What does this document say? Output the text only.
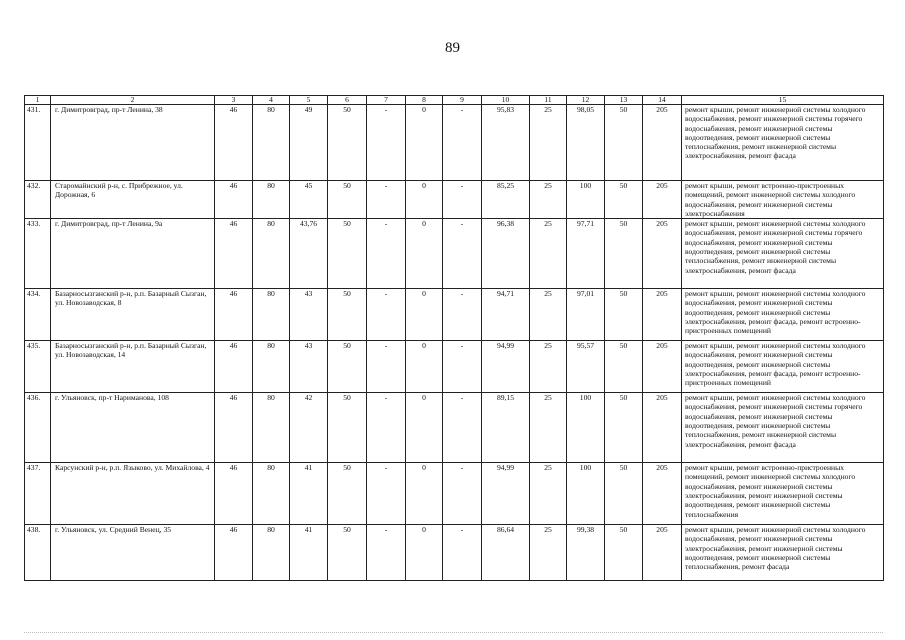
89
1	2	3	4	5	6	7	8	9	10	11	12	13	14	15
431.	г. Димитровград, пр-т Ленина, 38	46	80	49	50	-	0	-	95,83	25	98,05	50	205	ремонт крыши, ремонт инженерной системы холодного водоснабжения, ремонт инженерной системы горячего водоснабжения, ремонт инженерной системы водоотведения, ремонт инженерной системы теплоснабжения, ремонт инженерной системы электроснабжения, ремонт фасада
432.	Старомайнский р-н, с. Прибрежное, ул. Дорожная, 6	46	80	45	50	-	0	-	85,25	25	100	50	205	ремонт крыши, ремонт встроенно-пристроенных помещений, ремонт инженерной системы холодного водоснабжения, ремонт инженерной системы электроснабжения
433.	г. Димитровград, пр-т Ленина, 9а	46	80	43,76	50	-	0	-	96,38	25	97,71	50	205	ремонт крыши, ремонт инженерной системы холодного водоснабжения, ремонт инженерной системы горячего водоснабжения, ремонт инженерной системы водоотведения, ремонт инженерной системы теплоснабжения, ремонт инженерной системы электроснабжения, ремонт фасада
434.	Базарносызганский р-н, р.п. Базарный Сызган, ул. Новозаводская, 8	46	80	43	50	-	0	-	94,71	25	97,01	50	205	ремонт крыши, ремонт инженерной системы холодного водоснабжения, ремонт инженерной системы водоотведения, ремонт инженерной системы электроснабжения, ремонт фасада, ремонт встроенно-пристроенных помещений
435.	Базарносызганский р-н, р.п. Базарный Сызган, ул. Новозаводская, 14	46	80	43	50	-	0	-	94,99	25	95,57	50	205	ремонт крыши, ремонт инженерной системы холодного водоснабжения, ремонт инженерной системы водоотведения, ремонт инженерной системы электроснабжения, ремонт фасада, ремонт встроенно-пристроенных помещений
436.	г. Ульяновск, пр-т Нариманова, 108	46	80	42	50	-	0	-	89,15	25	100	50	205	ремонт крыши, ремонт инженерной системы холодного водоснабжения, ремонт инженерной системы горячего водоснабжения, ремонт инженерной системы водоотведения, ремонт инженерной системы теплоснабжения, ремонт инженерной системы электроснабжения, ремонт фасада
437.	Карсунский р-н, р.п. Языково, ул. Михайлова, 4	46	80	41	50	-	0	-	94,99	25	100	50	205	ремонт крыши, ремонт встроенно-пристроенных помещений, ремонт инженерной системы холодного водоснабжения, ремонт инженерной системы электроснабжения, ремонт инженерной системы водоотведения, ремонт инженерной системы теплоснабжения
438.	г. Ульяновск, ул. Средний Венец, 35	46	80	41	50	-	0	-	86,64	25	99,38	50	205	ремонт крыши, ремонт инженерной системы холодного водоснабжения, ремонт инженерной системы электроснабжения, ремонт инженерной системы водоотведения, ремонт инженерной системы теплоснабжения, ремонт фасада
